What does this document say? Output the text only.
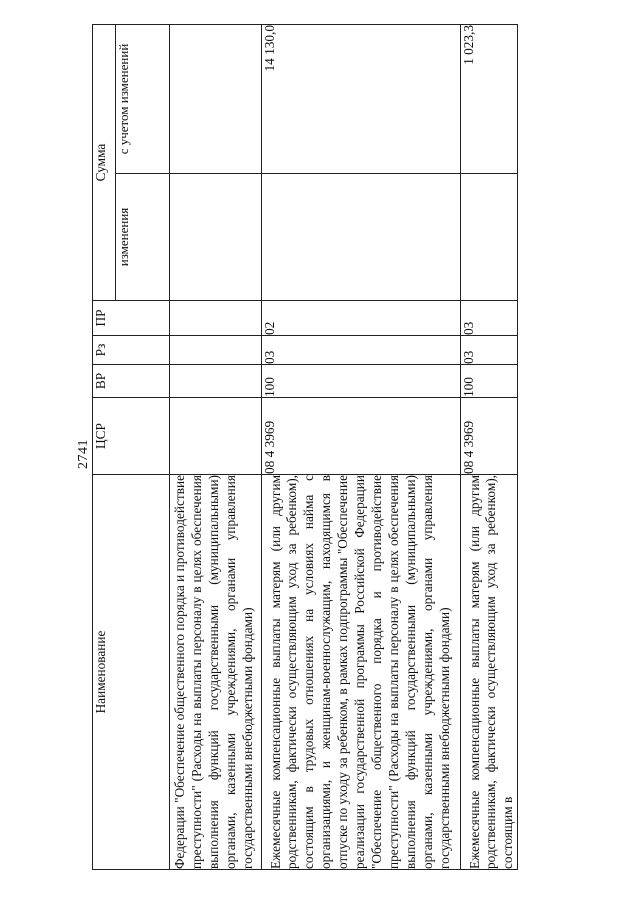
2741
Наименование	ЦСР	ВР	Рз	ПР	Сумма	
					изменения	с учетом изменений
Федерации "Обеспечение общественного порядка и противодействие преступности" (Расходы на выплаты персоналу в целях обеспечения выполнения функций государственными (муниципальными) органами, казенными учреждениями, органами управления государственными внебюджетными фондами)						
Ежемесячные компенсационные выплаты матерям (или другим родственникам, фактически осуществляющим уход за ребенком), состоящим в трудовых отношениях на условиях найма с организациями, и женщинам-военнослужащим, находящимся в отпуске по уходу за ребенком, в рамках подпрограммы "Обеспечение реализации государственной программы Российской Федерации "Обеспечение общественного порядка и противодействие преступности" (Расходы на выплаты персоналу в целях обеспечения выполнения функций государственными (муниципальными) органами, казенными учреждениями, органами управления государственными внебюджетными фондами)	08 4 3969	100	03	02		14 130,0
Ежемесячные компенсационные выплаты матерям (или другим родственникам, фактически осуществляющим уход за ребенком), состоящим в	08 4 3969	100	03	03		1 023,3
